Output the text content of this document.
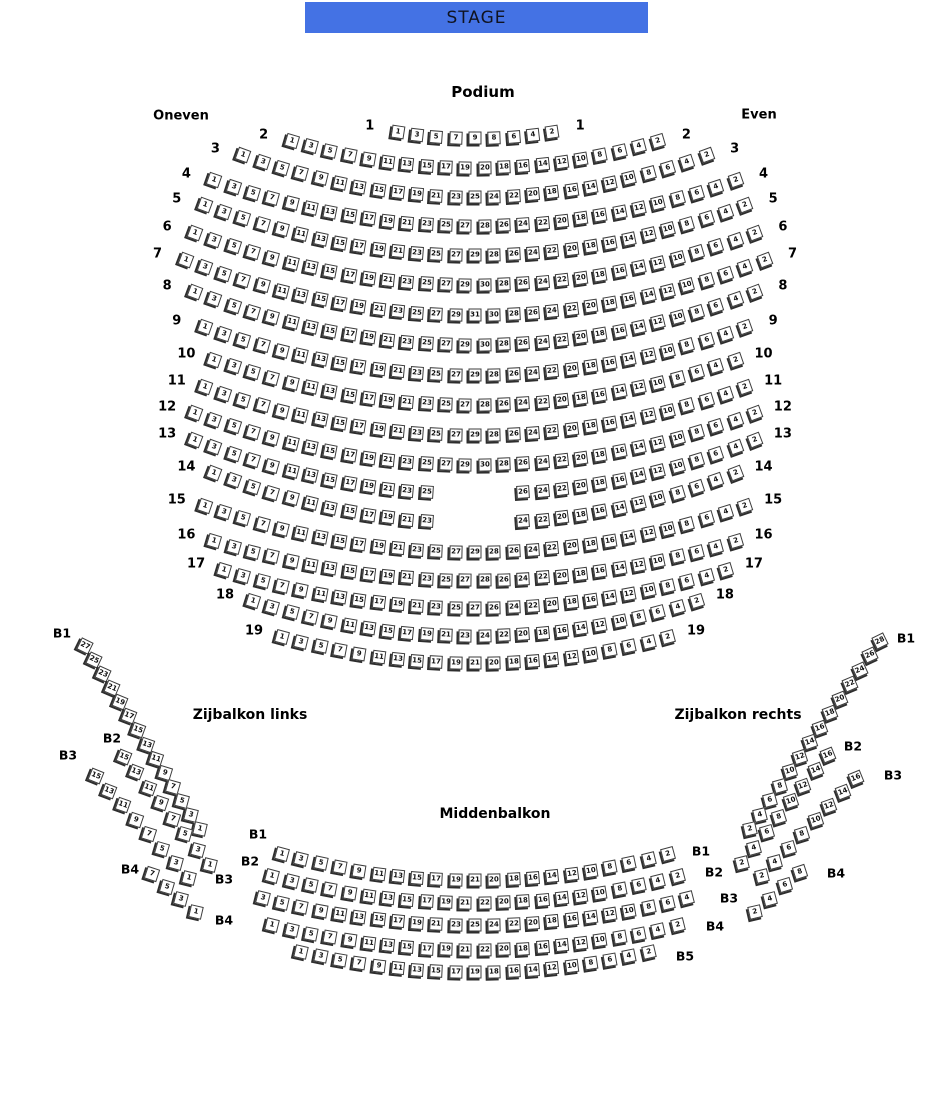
STAGE
Podium
Oneven	Even
Zijbalkon links	Zijbalkon rechts
Middenbalkon
1	3	5	7	9	8	6	4	2
1	1
1
3
5	7	9	11 13 15 17 19 20 18 16 14 12 10	8	6
4
2
2	2
1
3
5
7
9	11	13 15 17 19 21 23 25 24 22 20 18 16 14	12	10	8
6
4
2
3	3
1
3
5
7
9	11	13	15 17 19 21 23 25 27 28 26 24 22 20 18 16	14	12	10	8
6
4
2
4	4
1
3
5
7
9	11	13	15 17 19 21 23 25 27 29 28 26 24 22 20 18 16	14	12	10
8
6
4
2
5	5
1
3
5
7
9	11	13	15 17 19 21 23 25 27 29 30 28 26 24 22 20 18 16	14	12	10
8
6
4
2
6	6
1
3
5
7
9
11	13	15	17 19 21 23 25 27 29 31 30 28 26 24 22 20 18	16	14	12	10
8
6
4
2
7	7
1
3
5
7
9	11	13	15	17 19 21 23 25 27 29 30 28 26 24 22 20 18	16	14	12	10
8
6
4
2
8	8
1
3
5
7
9	11	13	15 17 19 21 23 25 27 29 28 26 24 22 20 18 16	14	12	10
8
6
4
2
9	9
1
3
5
7
9	11	13 15 17 19 21 23 25 27 28 26 24 22 20 18 16 14	12	10	8
6
4
2
10	10
1
3
5
7
9	11	13	15 17 19 21 23 25 27 29 28 26 24 22 20 18 16	14	12	10
8
6
4
2
11	11
1
3
5
7
9	11	13	15 17 19 21 23 25 27 29 30 28 26 24 22 20 18 16	14	12	10
8
6
4
2
12	12
1
3
5
7
9
11	13	15	17 19 21 23 25	26 24 22 20 18	16	14	12	10
8
6
4
2
13	13
1
3
5
7
9	11	13	15 17 19 21 23	24 22 20 18 16	14	12	10
8
6
4
2
14	14
1
3
5
7
9	11	13	15 17 19 21 23 25 27 29 28 26 24 22 20 18 16	14	12	10	8
6
4
2
15	15
1
3
5
7	9	11 13 15 17 19 21 23 25 27 28 26 24 22 20 18 16 14 12	10	8
6
4
2
16	16
1
3
5
7	9	11 13 15 17 19 21 23 25 27 26 24 22 20 18 16 14 12	10	8
6
4
2
17	17
1
3
5
7	9	11 13 15 17 19 21 23 24 22 20 18 16 14 12	10	8
6
4
2
18	18
1
3	5	7	9	11 13 15 17 19 21 20 18 16 14 12 10	8	6	4
2
19	19
1
3	5	7	9	11 13 15 17 19 21 20 18 16 14 12 10	8	6	4
2
B1
B1
1
3	5	7	9	11 13 15 17 19 21 22 20 18 16 14 12 10	8	6	4
2
B2
B2
3
5	7	9	11 13 15 17 19 21 23 25 24 22 20 18 16 14 12 10	8	6
4
B3
B3
1
3	5	7	9	11 13 15 17 19 21 22 20 18 16 14 12 10	8	6	4
2
B4	B4
1	3	5	7	9	11 13 15 17 19 18 16 14 12 10	8	6	4	2	B5
27
25
23
21
19
17
15
13
11
9
7
5
3
1
B1
15
13
11
9
7
5
3
1
B2
15
13
11
9
7
5
3
1
B3
7
5
3
1
B4
28
26
24
22
20
18
16
14
12
10
8
6
4
2
B1
16
14
12
10
8
6
4
2
B2
16
14
12
10
8
6
4
2
B3
8
6
4
2
B4
